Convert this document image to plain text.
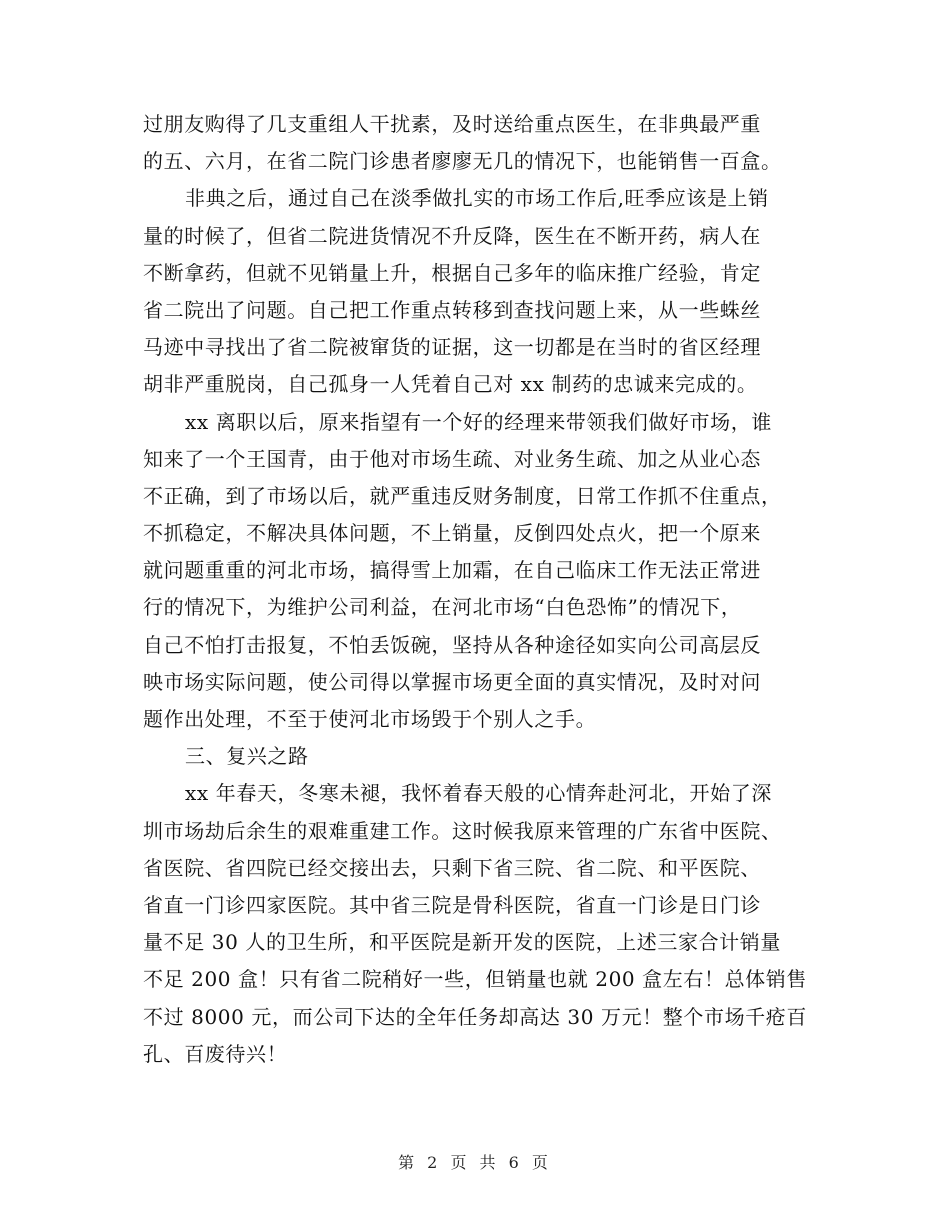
过朋友购得了几支重组人干扰素，及时送给重点医生，在非典最严重
的五、六月，在省二院门诊患者廖廖无几的情况下，也能销售一百盒。
非典之后，通过自己在淡季做扎实的市场工作后,旺季应该是上销
量的时候了，但省二院进货情况不升反降，医生在不断开药，病人在
不断拿药，但就不见销量上升，根据自己多年的临床推广经验，肯定
省二院出了问题。自己把工作重点转移到查找问题上来，从一些蛛丝
马迹中寻找出了省二院被窜货的证据，这一切都是在当时的省区经理
胡非严重脱岗，自己孤身一人凭着自己对 xx 制药的忠诚来完成的。
xx 离职以后，原来指望有一个好的经理来带领我们做好市场，谁
知来了一个王国青，由于他对市场生疏、对业务生疏、加之从业心态
不正确，到了市场以后，就严重违反财务制度，日常工作抓不住重点，
不抓稳定，不解决具体问题，不上销量，反倒四处点火，把一个原来
就问题重重的河北市场，搞得雪上加霜，在自己临床工作无法正常进
行的情况下，为维护公司利益，在河北市场“白色恐怖”的情况下，
自己不怕打击报复，不怕丢饭碗，坚持从各种途径如实向公司高层反
映市场实际问题，使公司得以掌握市场更全面的真实情况，及时对问
题作出处理，不至于使河北市场毁于个别人之手。
三、复兴之路
xx 年春天，冬寒未褪，我怀着春天般的心情奔赴河北，开始了深
圳市场劫后余生的艰难重建工作。这时候我原来管理的广东省中医院、
省医院、省四院已经交接出去，只剩下省三院、省二院、和平医院、
省直一门诊四家医院。其中省三院是骨科医院，省直一门诊是日门诊
量不足 30 人的卫生所，和平医院是新开发的医院，上述三家合计销量
不足 200 盒！只有省二院稍好一些，但销量也就 200 盒左右！总体销售
不过 8000 元，而公司下达的全年任务却高达 30 万元！整个市场千疮百
孔、百废待兴！
第 2 页 共 6 页
